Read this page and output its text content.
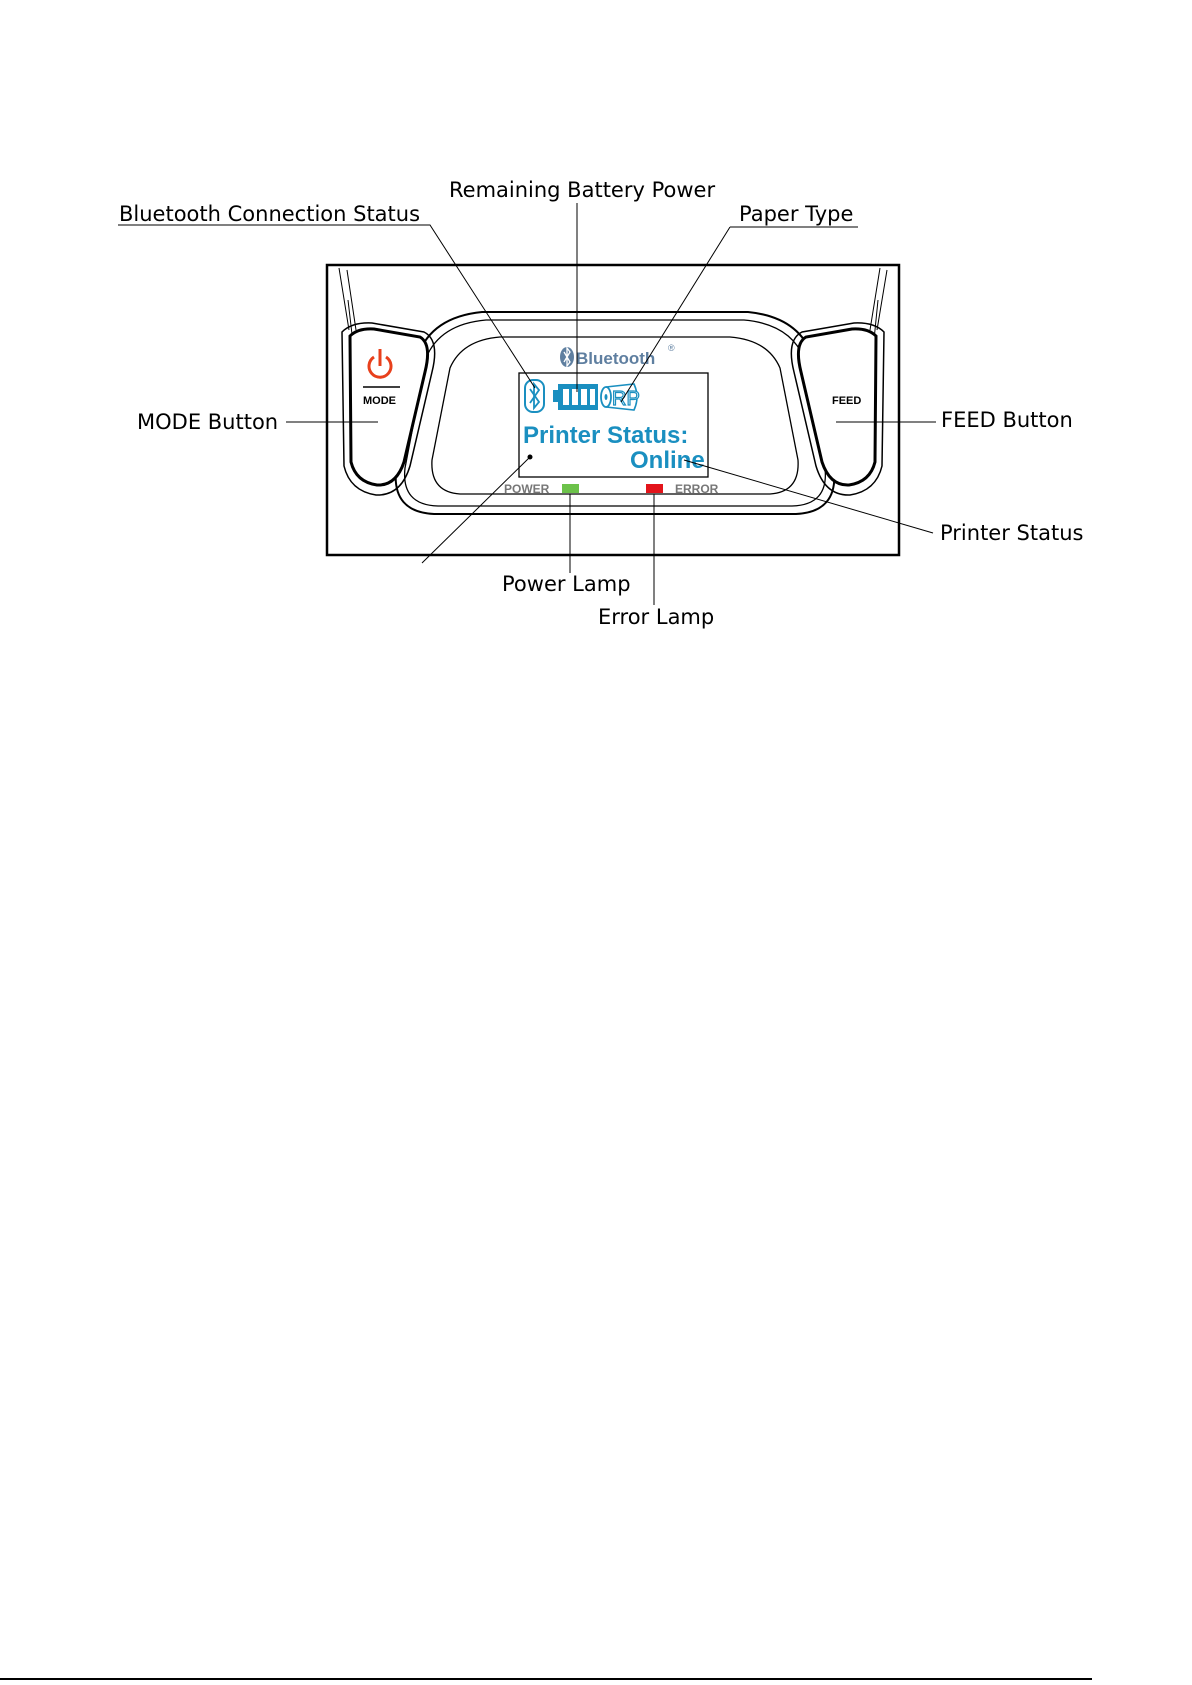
MODE	FEED
Bluetooth
®
RP
Printer Status:
Online
POWER	ERROR
Remaining Battery Power
Bluetooth Connection Status	Paper Type
MODE Button	FEED Button
Printer Status
Power Lamp
Error Lamp
